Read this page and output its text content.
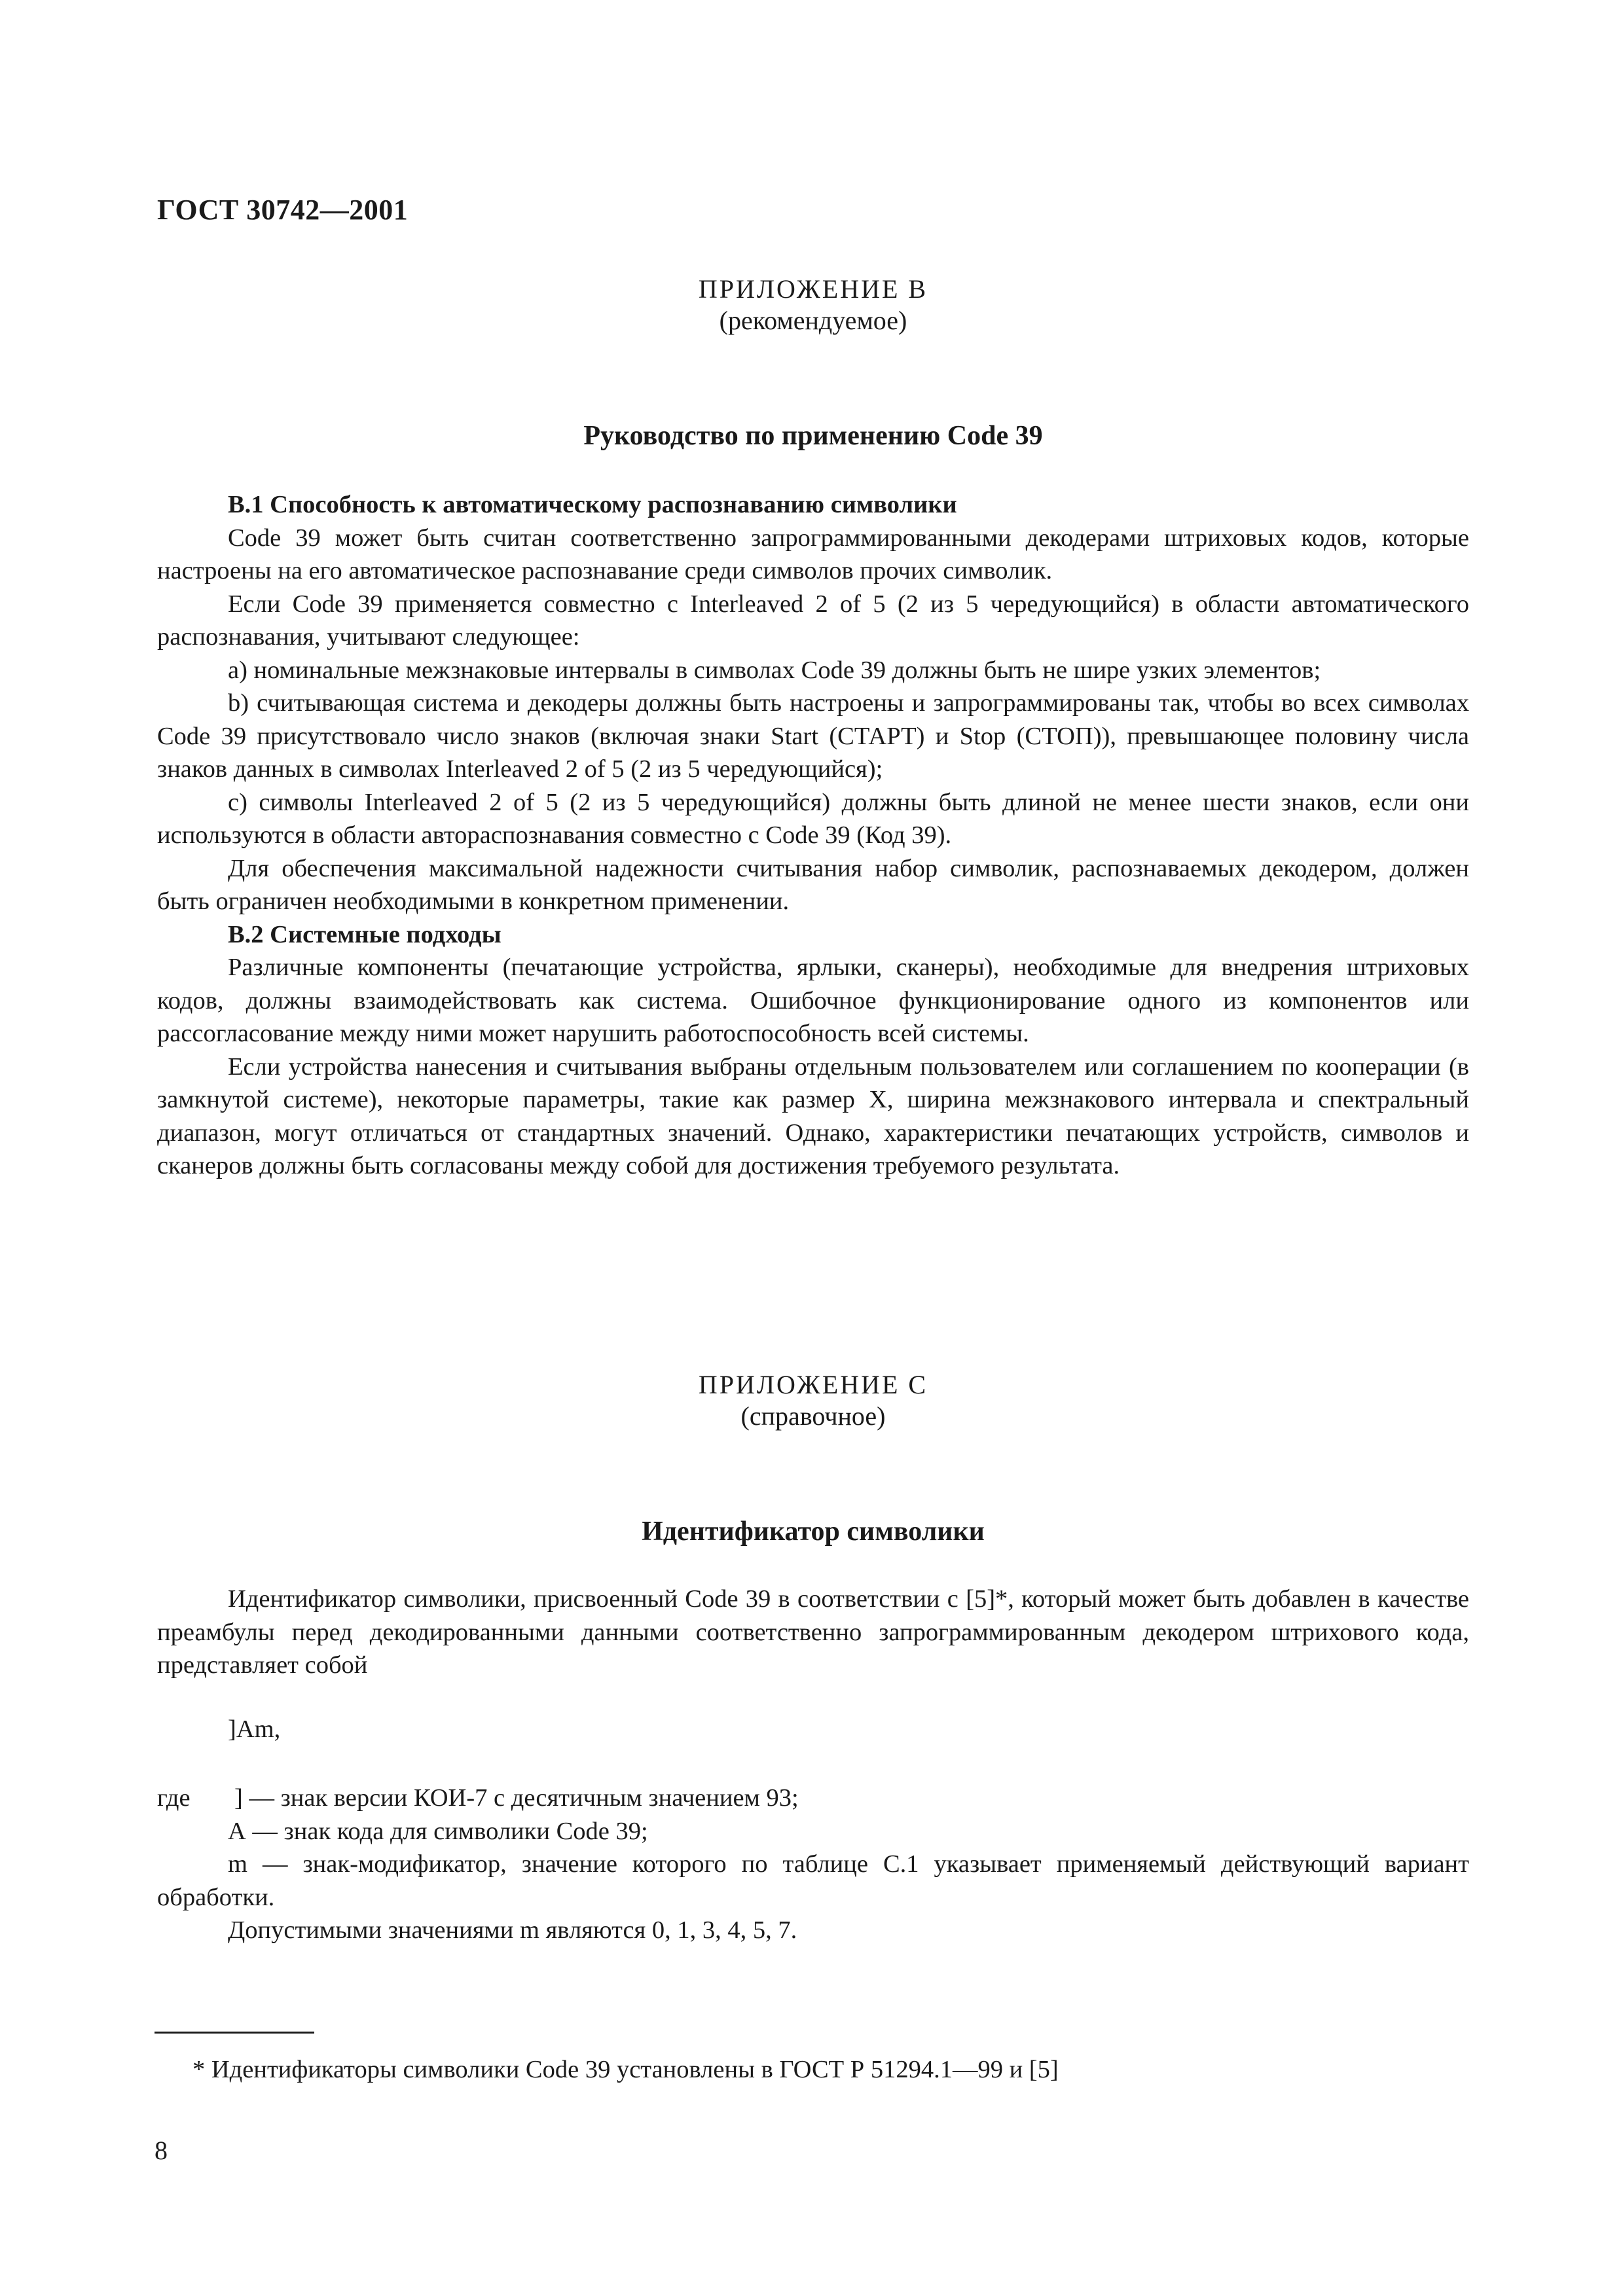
ГОСТ 30742—2001
ПРИЛОЖЕНИЕ В
(рекомендуемое)
Руководство по применению Code 39
В.1 Способность к автоматическому распознаванию символики

Code 39 может быть считан соответственно запрограммированными декодерами штриховых кодов, которые настроены на его автоматическое распознавание среди символов прочих символик.

Если Code 39 применяется совместно с Interleaved 2 of 5 (2 из 5 чередующийся) в области автоматического распознавания, учитывают следующее:

а) номинальные межзнаковые интервалы в символах Code 39 должны быть не шире узких элементов;

b) считывающая система и декодеры должны быть настроены и запрограммированы так, чтобы во всех символах Code 39 присутствовало число знаков (включая знаки Start (СТАРТ) и Stop (СТОП)), превышающее половину числа знаков данных в символах Interleaved 2 of 5 (2 из 5 чередующийся);

с) символы Interleaved 2 of 5 (2 из 5 чередующийся) должны быть длиной не менее шести знаков, если они используются в области автораспознавания совместно с Code 39 (Код 39).

Для обеспечения максимальной надежности считывания набор символик, распознаваемых декодером, должен быть ограничен необходимыми в конкретном применении.

В.2 Системные подходы

Различные компоненты (печатающие устройства, ярлыки, сканеры), необходимые для внедрения штриховых кодов, должны взаимодействовать как система. Ошибочное функционирование одного из компонентов или рассогласование между ними может нарушить работоспособность всей системы.

Если устройства нанесения и считывания выбраны отдельным пользователем или соглашением по кооперации (в замкнутой системе), некоторые параметры, такие как размер X, ширина межзнакового интервала и спектральный диапазон, могут отличаться от стандартных значений. Однако, характеристики печатающих устройств, символов и сканеров должны быть согласованы между собой для достижения требуемого результата.

ПРИЛОЖЕНИЕ С
(справочное)
Идентификатор символики

Идентификатор символики, присвоенный Code 39 в соответствии с [5]*, который может быть добавлен в качестве преамбулы перед декодированными данными соответственно запрограммированным декодером штрихового кода, представляет собой

]Am,

где ] — знак версии КОИ-7 с десятичным значением 93;

А — знак кода для символики Code 39;

m — знак-модификатор, значение которого по таблице С.1 указывает применяемый действующий вариант обработки.

Допустимыми значениями m являются 0, 1, 3, 4, 5, 7.

* Идентификаторы символики Code 39 установлены в ГОСТ Р 51294.1—99 и [5]
8
